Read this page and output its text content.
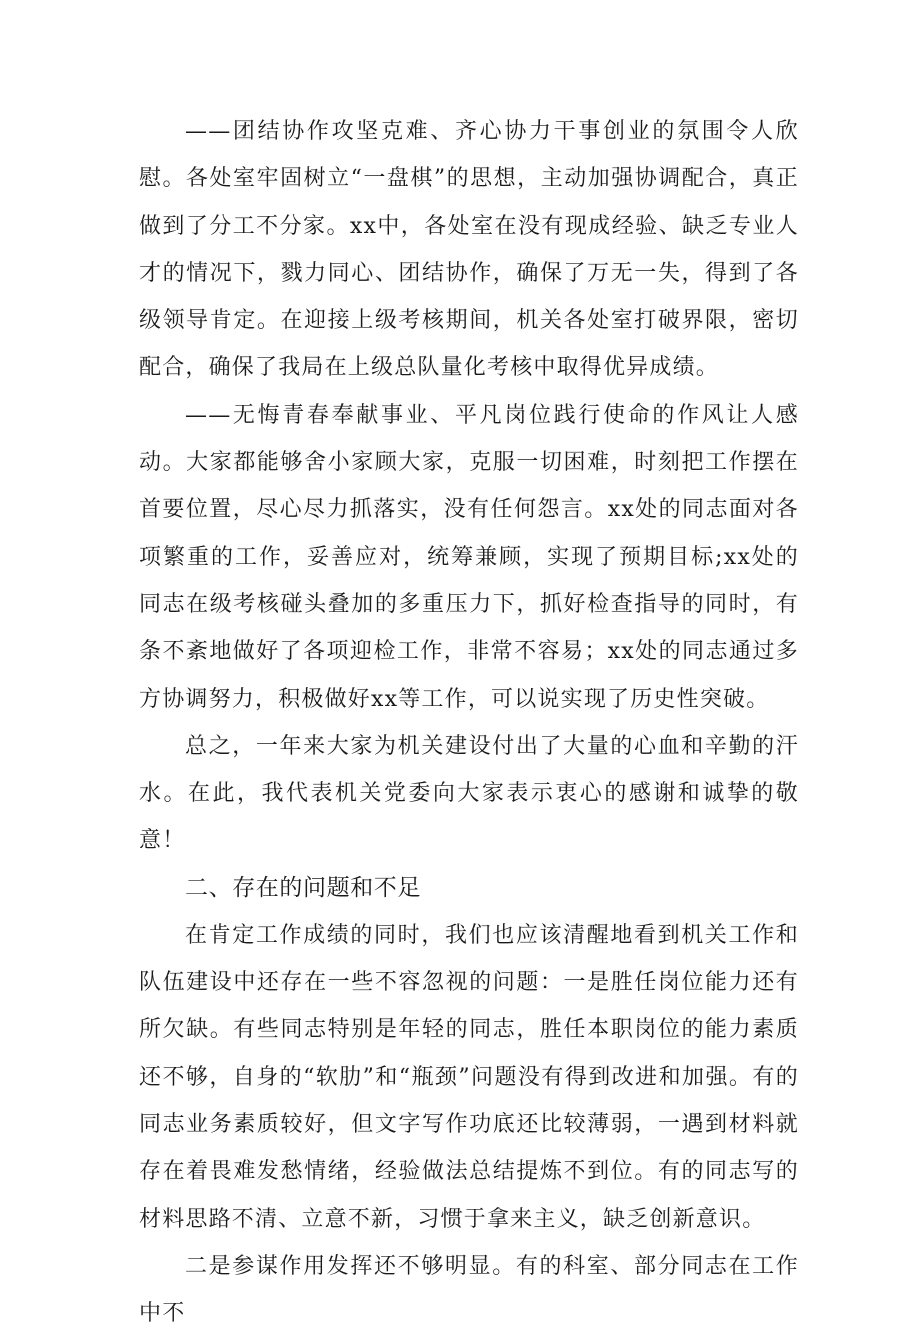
——团结协作攻坚克难、齐心协力干事创业的氛围令人欣慰。各处室牢固树立“一盘棋”的思想，主动加强协调配合，真正做到了分工不分家。xx中，各处室在没有现成经验、缺乏专业人才的情况下，戮力同心、团结协作，确保了万无一失，得到了各级领导肯定。在迎接上级考核期间，机关各处室打破界限，密切配合，确保了我局在上级总队量化考核中取得优异成绩。

——无悔青春奉献事业、平凡岗位践行使命的作风让人感动。大家都能够舍小家顾大家，克服一切困难，时刻把工作摆在首要位置，尽心尽力抓落实，没有任何怨言。xx处的同志面对各项繁重的工作，妥善应对，统筹兼顾，实现了预期目标;xx处的同志在级考核碰头叠加的多重压力下，抓好检查指导的同时，有条不紊地做好了各项迎检工作，非常不容易；xx处的同志通过多方协调努力，积极做好xx等工作，可以说实现了历史性突破。

总之，一年来大家为机关建设付出了大量的心血和辛勤的汗水。在此，我代表机关党委向大家表示衷心的感谢和诚挚的敬意！

二、存在的问题和不足

在肯定工作成绩的同时，我们也应该清醒地看到机关工作和队伍建设中还存在一些不容忽视的问题：一是胜任岗位能力还有所欠缺。有些同志特别是年轻的同志，胜任本职岗位的能力素质还不够，自身的“软肋”和“瓶颈”问题没有得到改进和加强。有的同志业务素质较好，但文字写作功底还比较薄弱，一遇到材料就存在着畏难发愁情绪，经验做法总结提炼不到位。有的同志写的材料思路不清、立意不新，习惯于拿来主义，缺乏创新意识。

二是参谋作用发挥还不够明显。有的科室、部分同志在工作中不
